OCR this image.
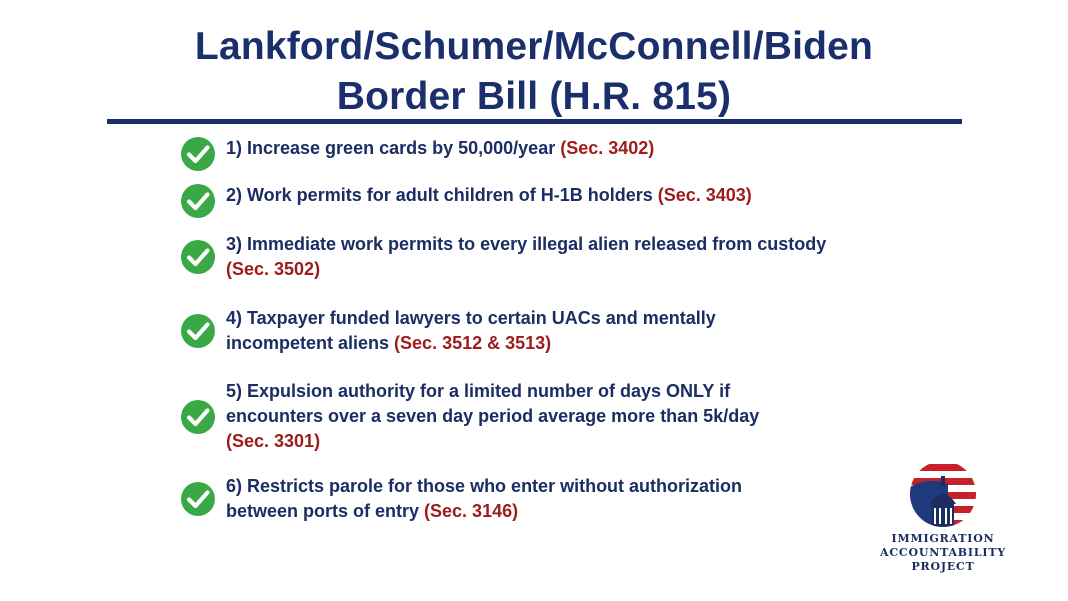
Lankford/Schumer/McConnell/Biden
Border Bill (H.R. 815)
1) Increase green cards by 50,000/year (Sec. 3402)
2) Work permits for adult children of H-1B holders (Sec. 3403)
3) Immediate work permits to every illegal alien released from custody
(Sec. 3502)
4) Taxpayer funded lawyers to certain UACs and mentally
incompetent aliens (Sec. 3512 & 3513)
5) Expulsion authority for a limited number of days ONLY if
encounters over a seven day period average more than 5k/day
(Sec. 3301)
6) Restricts parole for those who enter without authorization
between ports of entry (Sec. 3146)
IMMIGRATION
ACCOUNTABILITY
PROJECT
